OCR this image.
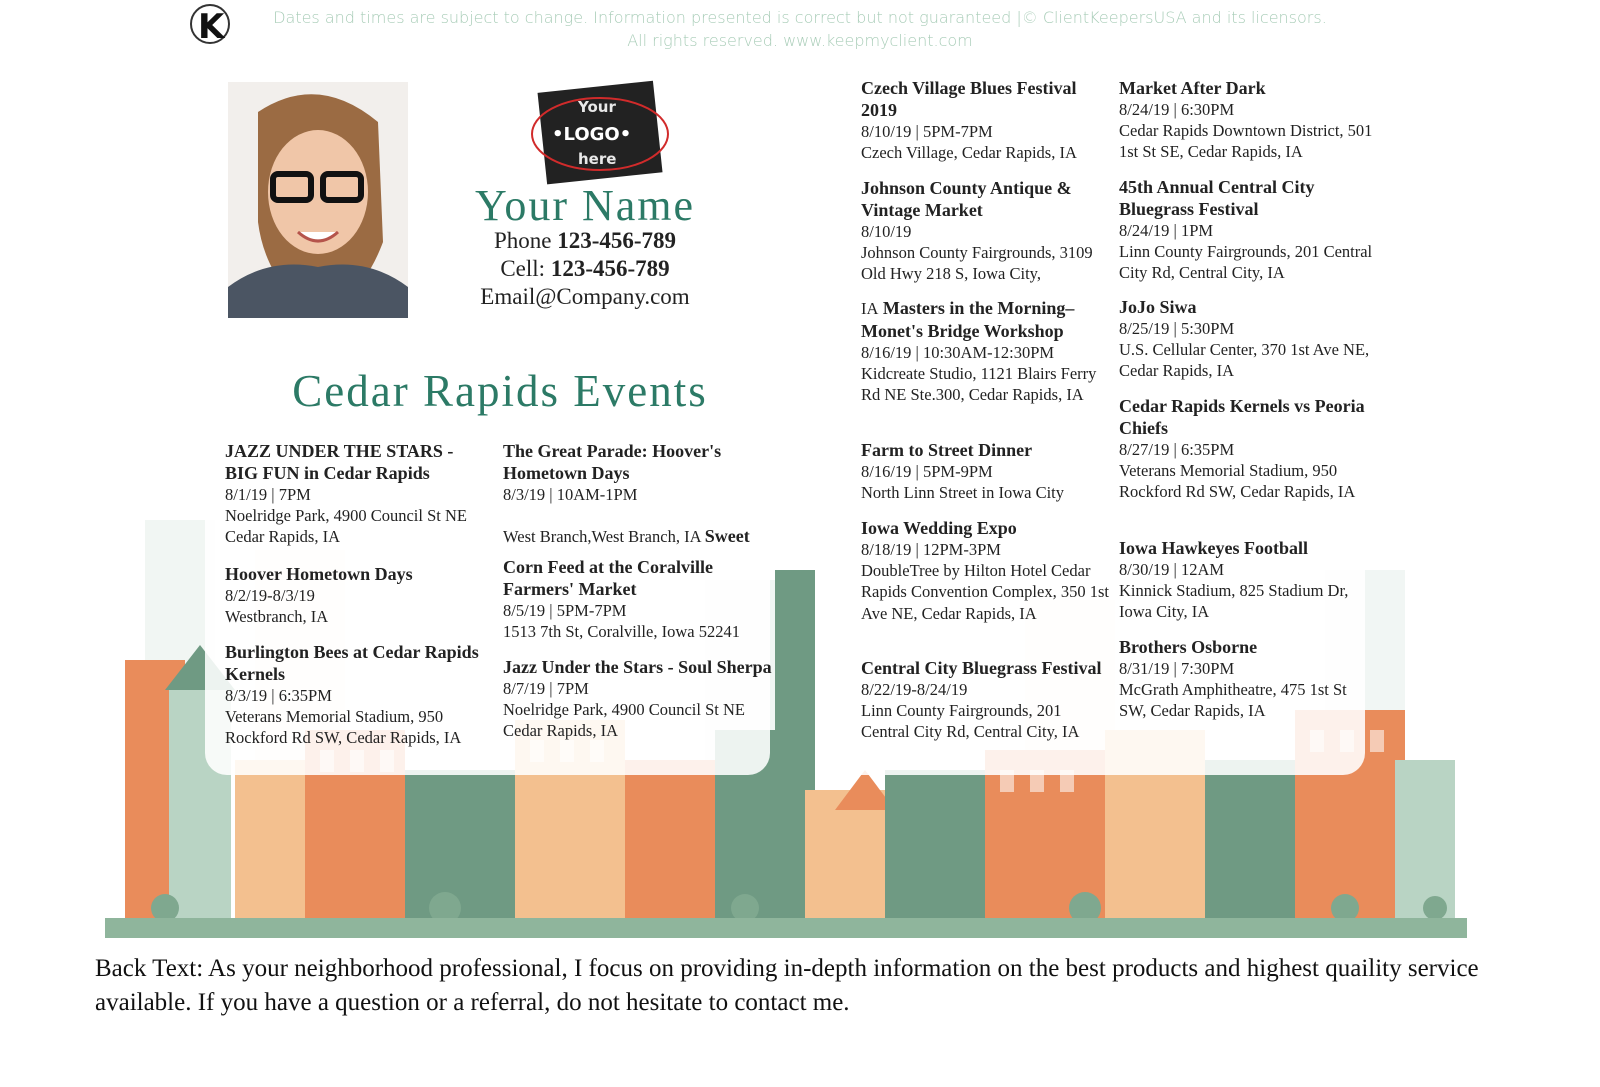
K	Dates and times are subject to change. Information presented is correct but not guaranteed |© ClientKeepersUSA and its licensors.
All rights reserved. www.keepmyclient.com
Your
•LOGO•
here
Your Name
Phone 123-456-789
Cell: 123-456-789
Email@Company.com
Cedar Rapids Events
JAZZ UNDER THE STARS - BIG FUN in Cedar Rapids
8/1/19 | 7PM
Noelridge Park, 4900 Council St NE Cedar Rapids, IA
Hoover Hometown Days
8/2/19-8/3/19
Westbranch, IA
Burlington Bees at Cedar Rapids Kernels
8/3/19 | 6:35PM
Veterans Memorial Stadium, 950 Rockford Rd SW, Cedar Rapids, IA
The Great Parade: Hoover's Hometown Days
8/3/19 | 10AM-1PM
West Branch,West Branch, IA Sweet
Corn Feed at the Coralville Farmers' Market
8/5/19 | 5PM-7PM
1513 7th St, Coralville, Iowa 52241
Jazz Under the Stars - Soul Sherpa
8/7/19 | 7PM
Noelridge Park, 4900 Council St NE Cedar Rapids, IA
Czech Village Blues Festival 2019
8/10/19 | 5PM-7PM
Czech Village, Cedar Rapids, IA
Johnson County Antique & Vintage Market
8/10/19
Johnson County Fairgrounds, 3109 Old Hwy 218 S, Iowa City,
IA Masters in the Morning– Monet's Bridge Workshop
8/16/19 | 10:30AM-12:30PM
Kidcreate Studio, 1121 Blairs Ferry Rd NE Ste.300, Cedar Rapids, IA
Farm to Street Dinner
8/16/19 | 5PM-9PM
North Linn Street in Iowa City
Iowa Wedding Expo
8/18/19 | 12PM-3PM
DoubleTree by Hilton Hotel Cedar Rapids Convention Complex, 350 1st Ave NE, Cedar Rapids, IA
Central City Bluegrass Festival
8/22/19-8/24/19
Linn County Fairgrounds, 201 Central City Rd, Central City, IA
Market After Dark
8/24/19 | 6:30PM
Cedar Rapids Downtown District, 501 1st St SE, Cedar Rapids, IA
45th Annual Central City Bluegrass Festival
8/24/19 | 1PM
Linn County Fairgrounds, 201 Central City Rd, Central City, IA
JoJo Siwa
8/25/19 | 5:30PM
U.S. Cellular Center, 370 1st Ave NE, Cedar Rapids, IA
Cedar Rapids Kernels vs Peoria Chiefs
8/27/19 | 6:35PM
Veterans Memorial Stadium, 950 Rockford Rd SW, Cedar Rapids, IA
Iowa Hawkeyes Football
8/30/19 | 12AM
Kinnick Stadium, 825 Stadium Dr, Iowa City, IA
Brothers Osborne
8/31/19 | 7:30PM
McGrath Amphitheatre, 475 1st St SW, Cedar Rapids, IA
Back Text: As your neighborhood professional, I focus on providing in-depth information on the best products and highest quaility service available. If you have a question or a referral, do not hesitate to contact me.
